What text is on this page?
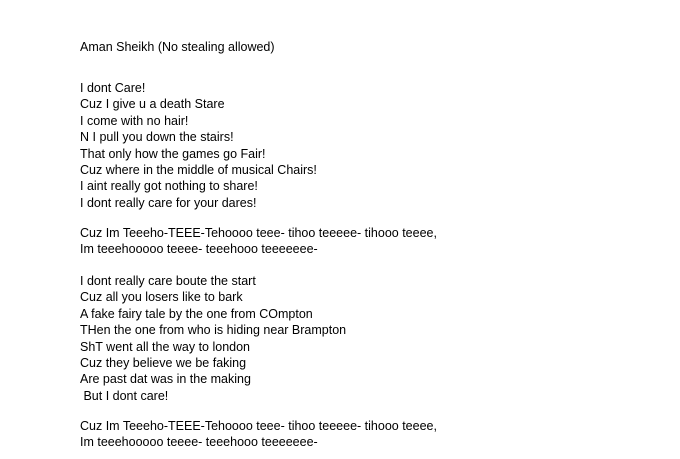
Aman Sheikh (No stealing allowed)
I dont Care!
Cuz I give u a death Stare
I come with no hair!
N I pull you down the stairs!
That only how the games go Fair!
Cuz where in the middle of musical Chairs!
I aint really got nothing to share!
I dont really care for your dares!
Cuz Im Teeeho-TEEE-Tehoooo teee- tihoo teeeee- tihooo teeee,
Im teeehooooo teeee- teeehooo teeeeeee-
I dont really care boute the start
Cuz all you losers like to bark
A fake fairy tale by the one from COmpton
THen the one from who is hiding near Brampton
ShT went all the way to london
Cuz they believe we be faking
Are past dat was in the making
But I dont care!
Cuz Im Teeeho-TEEE-Tehoooo teee- tihoo teeeee- tihooo teeee,
Im teeehooooo teeee- teeehooo teeeeeee-
